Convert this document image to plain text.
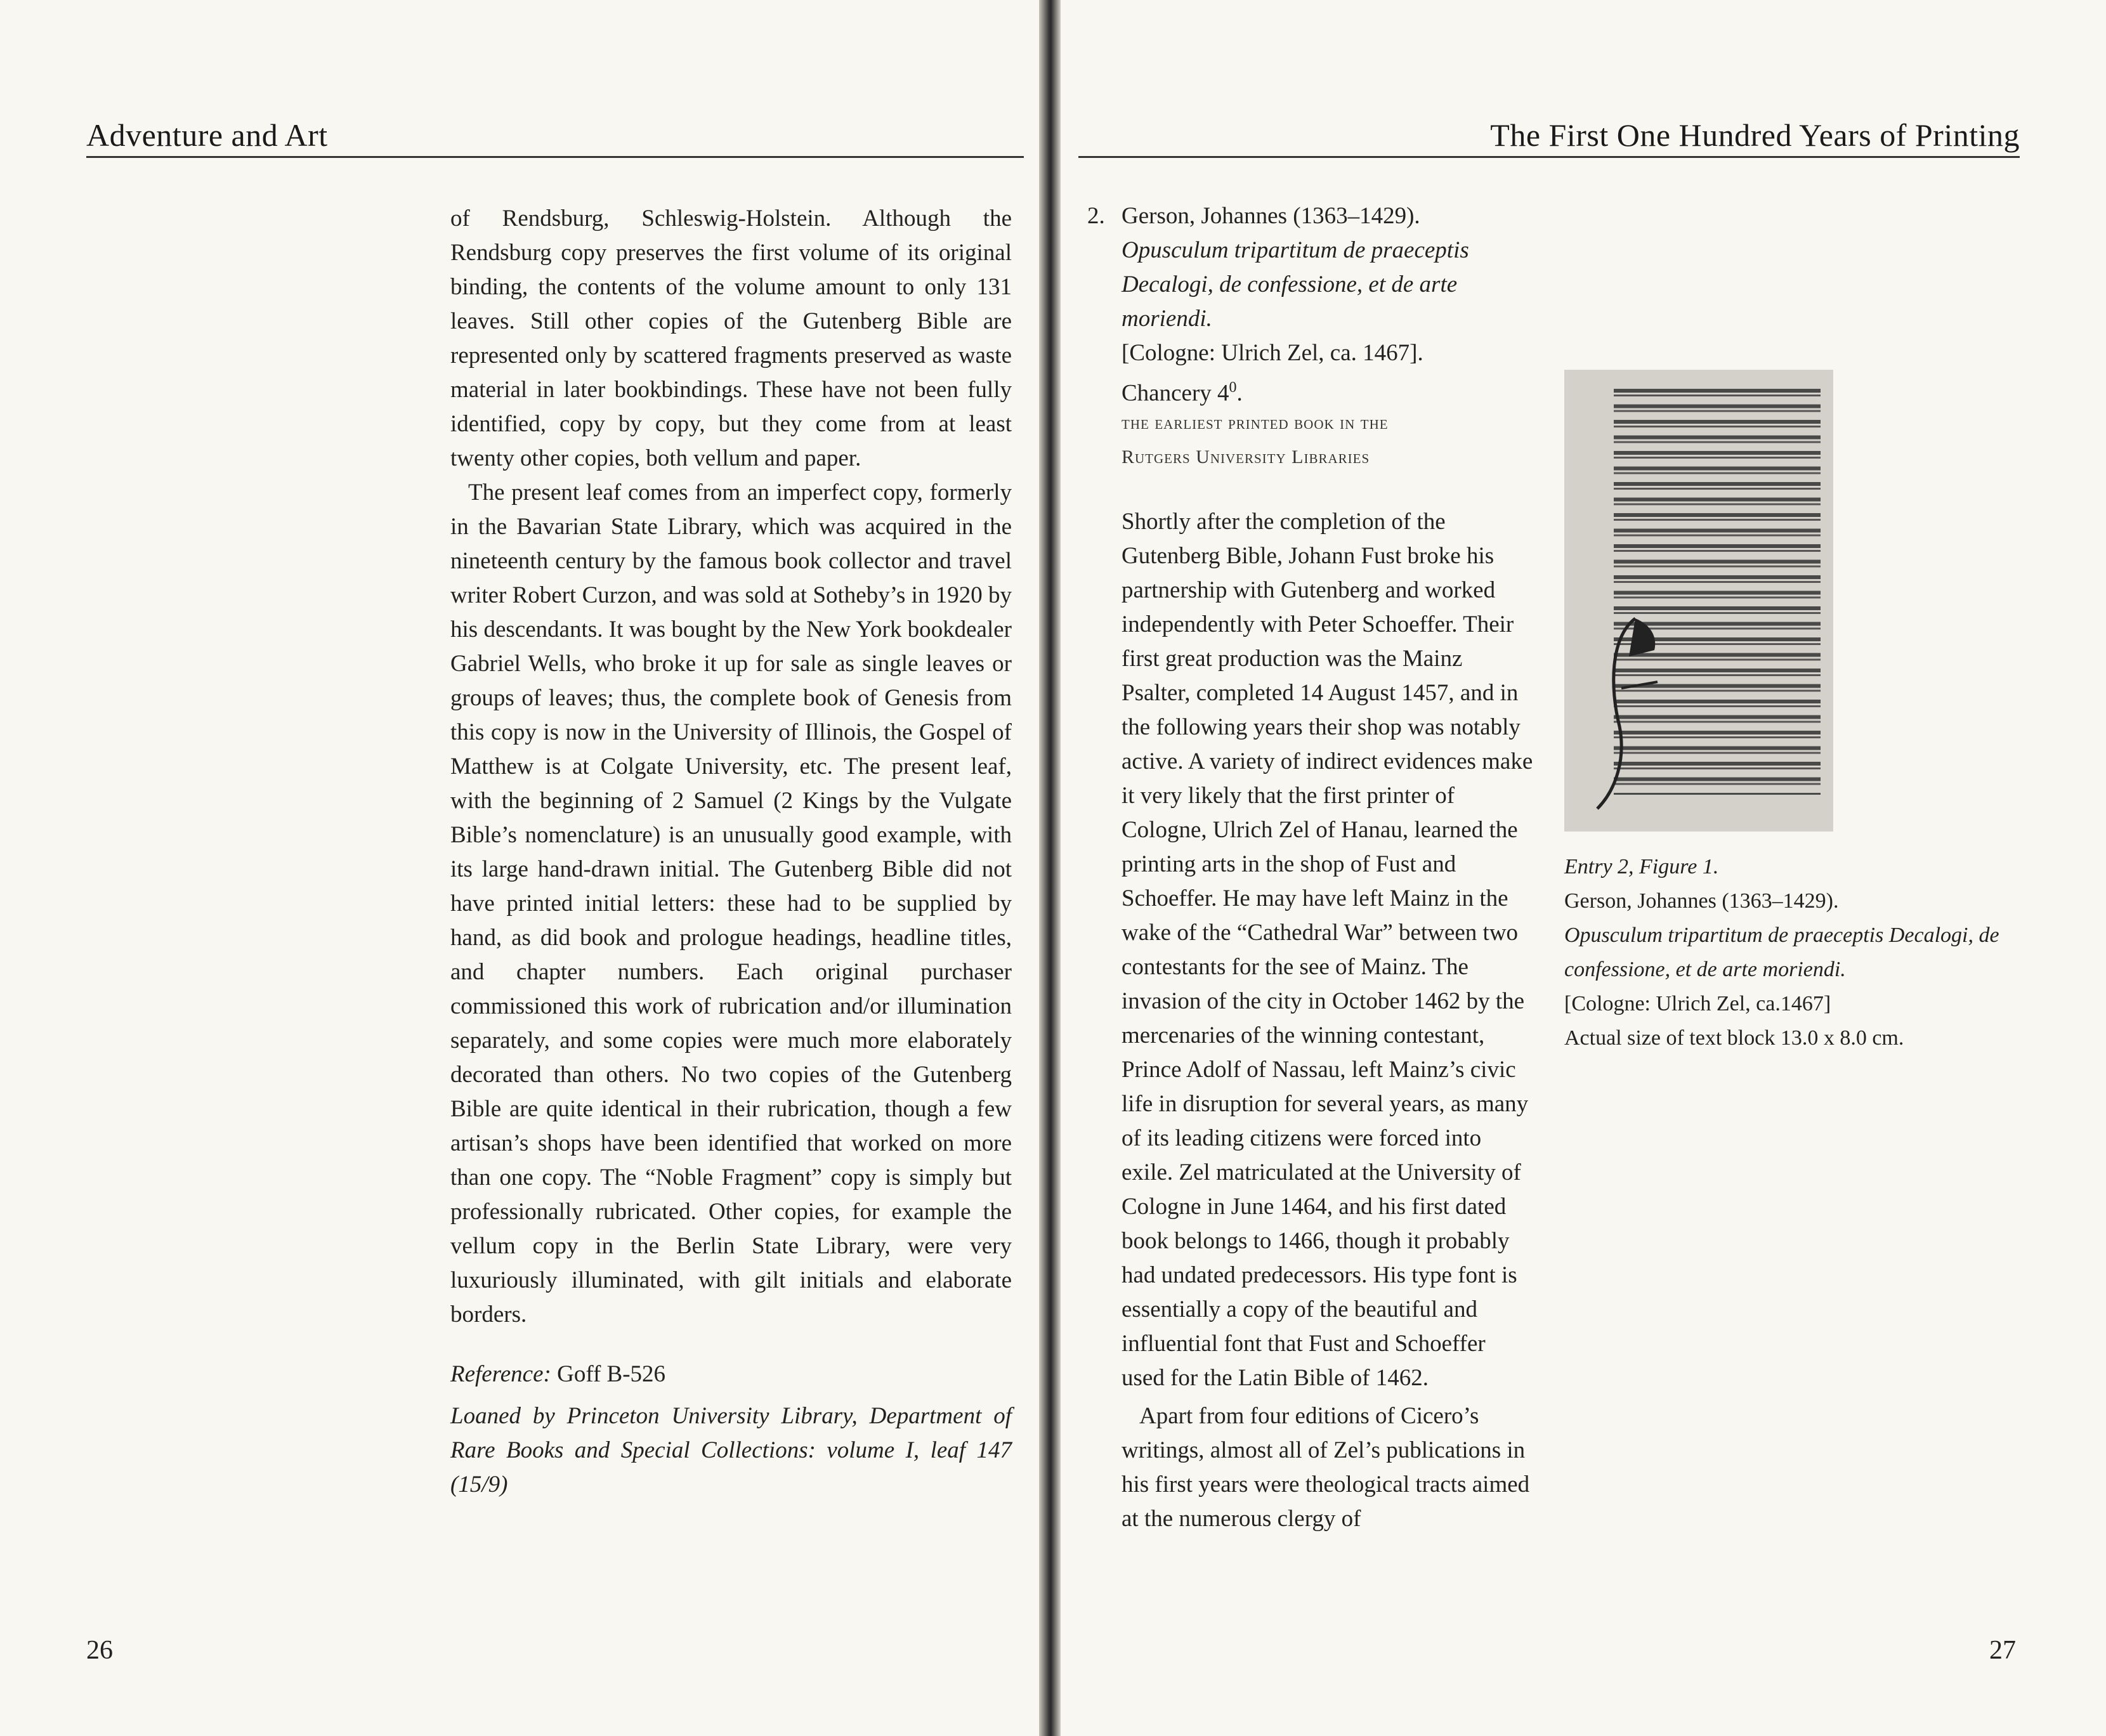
Adventure and Art

of Rendsburg, Schleswig-Holstein. Although the Rendsburg copy preserves the first volume of its original binding, the contents of the volume amount to only 131 leaves. Still other copies of the Gutenberg Bible are represented only by scattered fragments preserved as waste material in later bookbindings. These have not been fully identified, copy by copy, but they come from at least twenty other copies, both vellum and paper.

The present leaf comes from an imperfect copy, formerly in the Bavarian State Library, which was acquired in the nineteenth century by the famous book collector and travel writer Robert Curzon, and was sold at Sotheby’s in 1920 by his descendants. It was bought by the New York bookdealer Gabriel Wells, who broke it up for sale as single leaves or groups of leaves; thus, the complete book of Genesis from this copy is now in the University of Illinois, the Gospel of Matthew is at Colgate University, etc. The present leaf, with the beginning of 2 Samuel (2 Kings by the Vulgate Bible’s nomenclature) is an unusually good example, with its large hand-drawn initial. The Gutenberg Bible did not have printed initial letters: these had to be supplied by hand, as did book and prologue headings, headline titles, and chapter numbers. Each original purchaser commissioned this work of rubrication and/or illumination separately, and some copies were much more elaborately decorated than others. No two copies of the Gutenberg Bible are quite identical in their rubrication, though a few artisan’s shops have been identified that worked on more than one copy. The “Noble Fragment” copy is simply but professionally rubricated. Other copies, for example the vellum copy in the Berlin State Library, were very luxuriously illuminated, with gilt initials and elaborate borders.

Reference: Goff B-526

Loaned by Princeton University Library, Department of Rare Books and Special Collections: volume I, leaf 147 (15/9)

26
The First One Hundred Years of Printing
2. Gerson, Johannes (1363–1429).

Opusculum tripartitum de praeceptis Decalogi, de confessione, et de arte moriendi.

[Cologne: Ulrich Zel, ca. 1467]. Chancery $4^0$.

the earliest printed book in the
Rutgers University Libraries

Shortly after the completion of the Gutenberg Bible, Johann Fust broke his partnership with Gutenberg and worked independently with Peter Schoeffer. Their first great production was the Mainz Psalter, completed 14 August 1457, and in the following years their shop was notably active. A variety of indirect evidences make it very likely that the first printer of Cologne, Ulrich Zel of Hanau, learned the printing arts in the shop of Fust and Schoeffer. He may have left Mainz in the wake of the “Cathedral War” between two contestants for the see of Mainz. The invasion of the city in October 1462 by the mercenaries of the winning contestant, Prince Adolf of Nassau, left Mainz’s civic life in disruption for several years, as many of its leading citizens were forced into exile. Zel matriculated at the University of Cologne in June 1464, and his first dated book belongs to 1466, though it probably had undated predecessors. His type font is essentially a copy of the beautiful and influential font that Fust and Schoeffer used for the Latin Bible of 1462.

Apart from four editions of Cicero’s writings, almost all of Zel’s publications in his first years were theological tracts aimed at the numerous clergy of

Entry 2, Figure 1.

Gerson, Johannes (1363–1429).

Opusculum tripartitum de praeceptis Decalogi, de confessione, et de arte moriendi.

[Cologne: Ulrich Zel, ca.1467]

Actual size of text block 13.0 x 8.0 cm.

27
